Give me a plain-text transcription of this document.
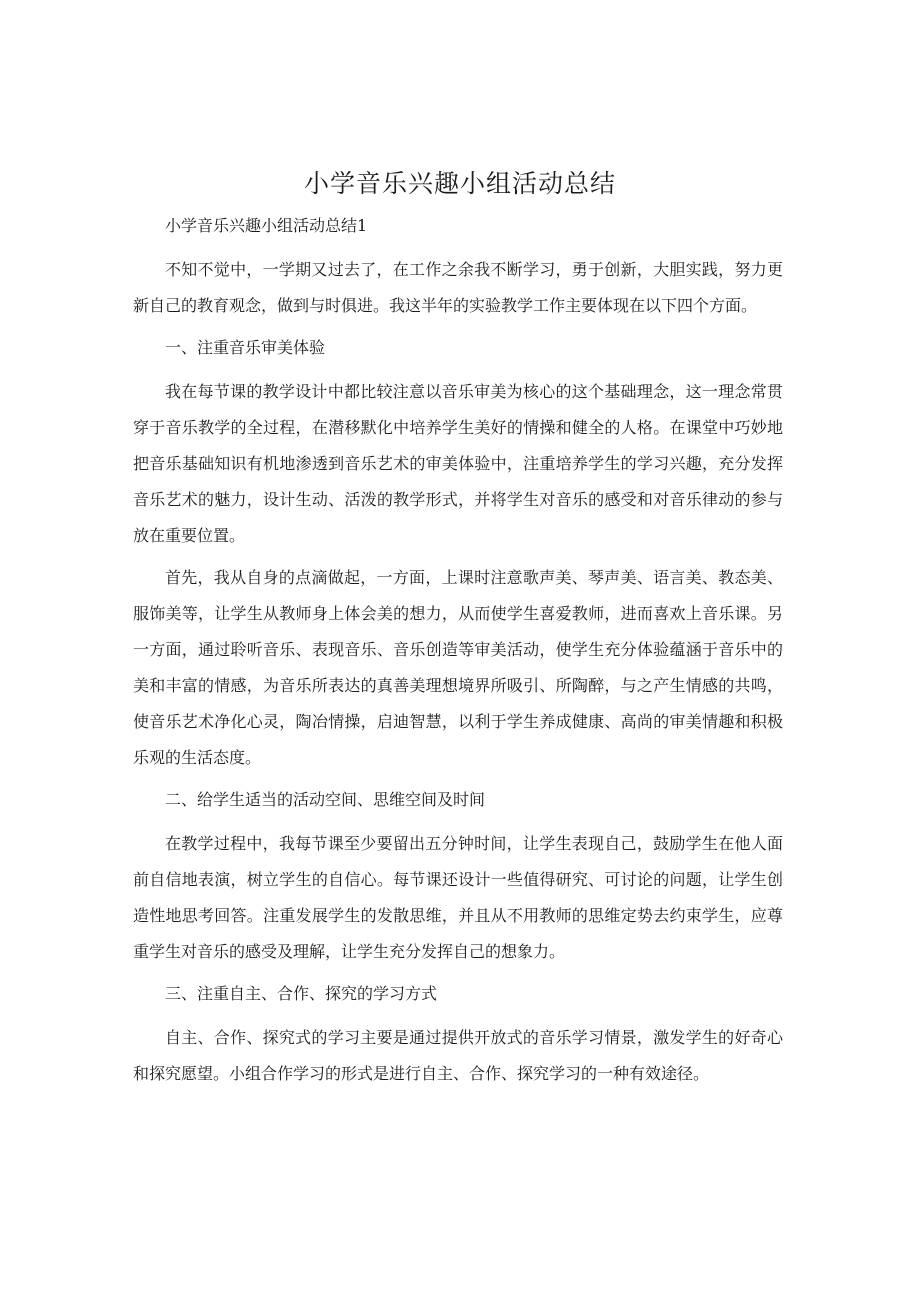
小学音乐兴趣小组活动总结

小学音乐兴趣小组活动总结1

不知不觉中，一学期又过去了，在工作之余我不断学习，勇于创新，大胆实践，努力更新自己的教育观念，做到与时俱进。我这半年的实验教学工作主要体现在以下四个方面。

一、注重音乐审美体验

我在每节课的教学设计中都比较注意以音乐审美为核心的这个基础理念，这一理念常贯穿于音乐教学的全过程，在潜移默化中培养学生美好的情操和健全的人格。在课堂中巧妙地把音乐基础知识有机地渗透到音乐艺术的审美体验中，注重培养学生的学习兴趣，充分发挥音乐艺术的魅力，设计生动、活泼的教学形式，并将学生对音乐的感受和对音乐律动的参与放在重要位置。

首先，我从自身的点滴做起，一方面，上课时注意歌声美、琴声美、语言美、教态美、服饰美等，让学生从教师身上体会美的想力，从而使学生喜爱教师，进而喜欢上音乐课。另一方面，通过聆听音乐、表现音乐、音乐创造等审美活动，使学生充分体验蕴涵于音乐中的美和丰富的情感，为音乐所表达的真善美理想境界所吸引、所陶醉，与之产生情感的共鸣，使音乐艺术净化心灵，陶冶情操，启迪智慧，以利于学生养成健康、高尚的审美情趣和积极乐观的生活态度。

二、给学生适当的活动空间、思维空间及时间

在教学过程中，我每节课至少要留出五分钟时间，让学生表现自己，鼓励学生在他人面前自信地表演，树立学生的自信心。每节课还设计一些值得研究、可讨论的问题，让学生创造性地思考回答。注重发展学生的发散思维，并且从不用教师的思维定势去约束学生，应尊重学生对音乐的感受及理解，让学生充分发挥自己的想象力。

三、注重自主、合作、探究的学习方式

自主、合作、探究式的学习主要是通过提供开放式的音乐学习情景，激发学生的好奇心和探究愿望。小组合作学习的形式是进行自主、合作、探究学习的一种有效途径。
